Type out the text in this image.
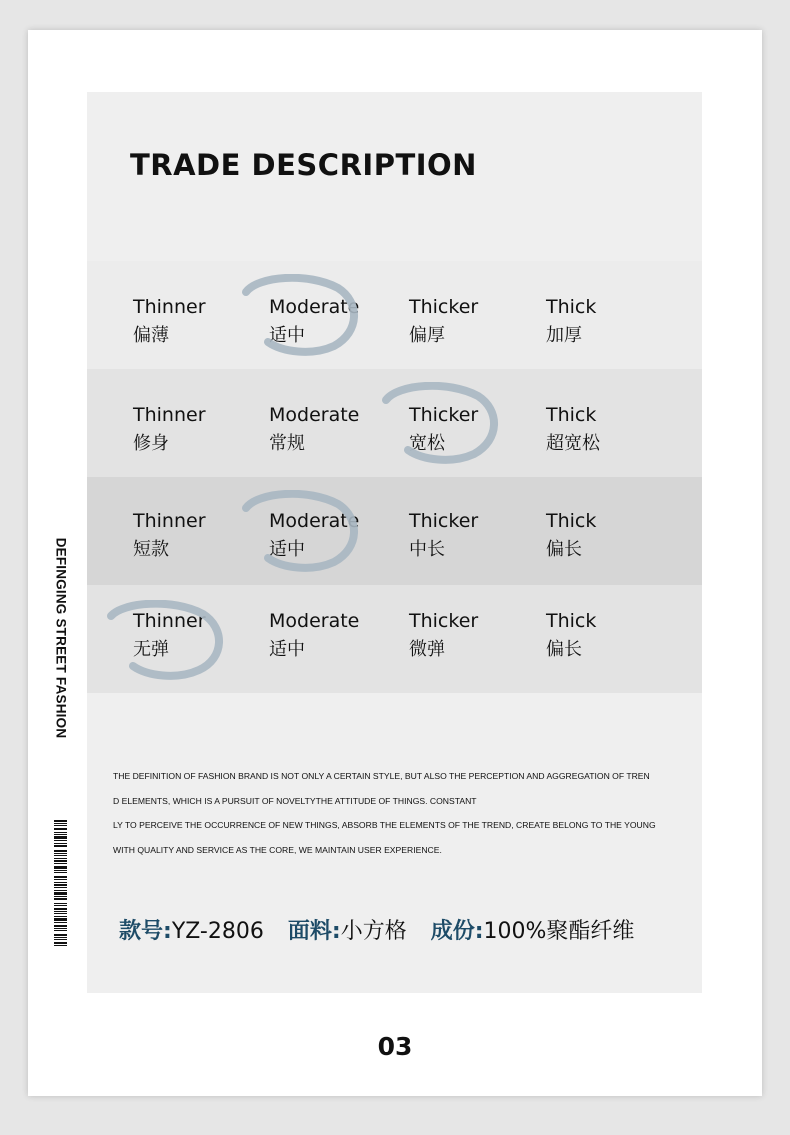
TRADE DESCRIPTION
Thinner
偏薄
Moderate
适中
Thicker
偏厚
Thick
加厚
Thinner
修身
Moderate
常规
Thicker
宽松
Thick
超宽松
Thinner
短款
Moderate
适中
Thicker
中长
Thick
偏长
Thinner
无弹
Moderate
适中
Thicker
微弹
Thick
偏长
THE DEFINITION OF FASHION BRAND IS NOT ONLY A CERTAIN STYLE, BUT ALSO THE PERCEPTION AND AGGREGATION OF TREN
D ELEMENTS, WHICH IS A PURSUIT OF NOVELTYTHE ATTITUDE OF THINGS. CONSTANT
LY TO PERCEIVE THE OCCURRENCE OF NEW THINGS, ABSORB THE ELEMENTS OF THE TREND, CREATE BELONG TO THE YOUNG
WITH QUALITY AND SERVICE AS THE CORE, WE MAINTAIN USER EXPERIENCE.
款号:YZ-2806 面料:小方格 成份:100%聚酯纤维
03
DEFINGING STREET FASHION
